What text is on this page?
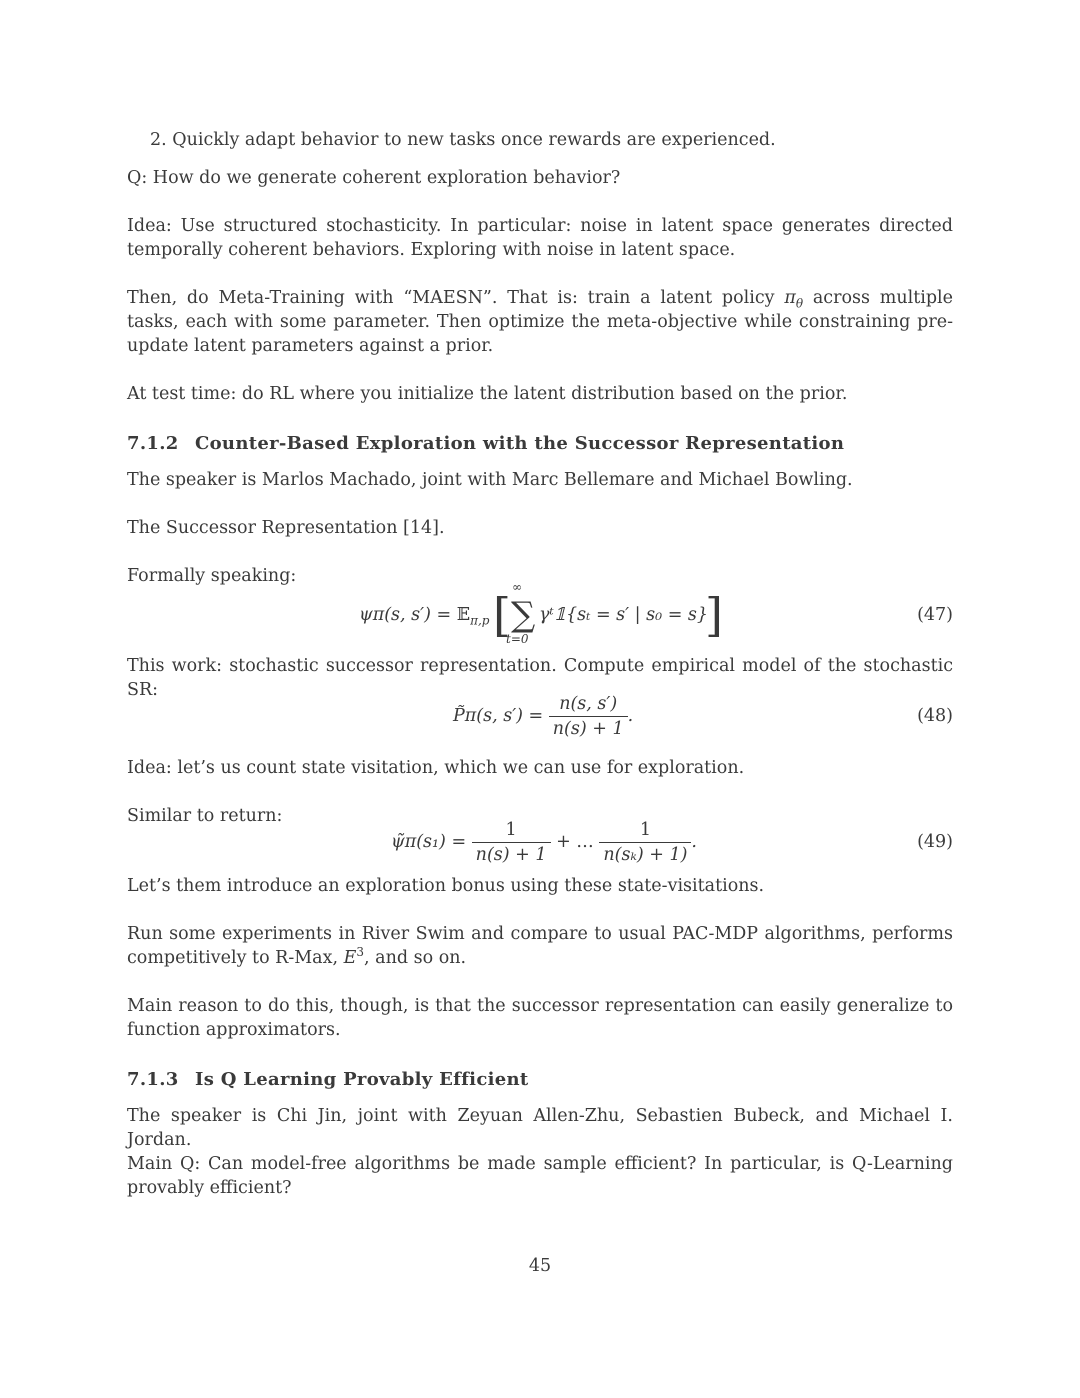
2. Quickly adapt behavior to new tasks once rewards are experienced.

Q: How do we generate coherent exploration behavior?

Idea: Use structured stochasticity. In particular: noise in latent space generates directed temporally coherent behaviors. Exploring with noise in latent space.

Then, do Meta-Training with “MAESN”. That is: train a latent policy $\pi_\theta$ across multiple tasks, each with some parameter. Then optimize the meta-objective while constraining pre-update latent parameters against a prior.

At test time: do RL where you initialize the latent distribution based on the prior.

7.1.2 Counter-Based Exploration with the Successor Representation

The speaker is Marlos Machado, joint with Marc Bellemare and Michael Bowling.

The Successor Representation [14].

Formally speaking:

ψπ(s, s′) = 𝔼$_{\pi,p}$ [ ∑
∞
t=0
γᵗ𝟙{sₜ = s′ | s₀ = s}
]	(47)

This work: stochastic successor representation. Compute empirical model of the stochastic SR:

P̃π(s, $s') = \frac{n(s, s')}{n(s) + 1}$ .	(48)

Idea: let’s us count state visitation, which we can use for exploration.

Similar to return:

ψ̃π(s₁) = $\frac{1}{n(s) + 1}$ + … $\frac{1}{\text{n(sₖ) + 1)}}$ .	(49)

Let’s them introduce an exploration bonus using these state-visitations.

Run some experiments in River Swim and compare to usual PAC-MDP algorithms, performs competitively to R-Max, $E^3$, and so on.

Main reason to do this, though, is that the successor representation can easily generalize to function approximators.

7.1.3 Is Q Learning Provably Efficient

The speaker is Chi Jin, joint with Zeyuan Allen-Zhu, Sebastien Bubeck, and Michael I. Jordan.

Main Q: Can model-free algorithms be made sample efficient? In particular, is Q-Learning provably efficient?

45
